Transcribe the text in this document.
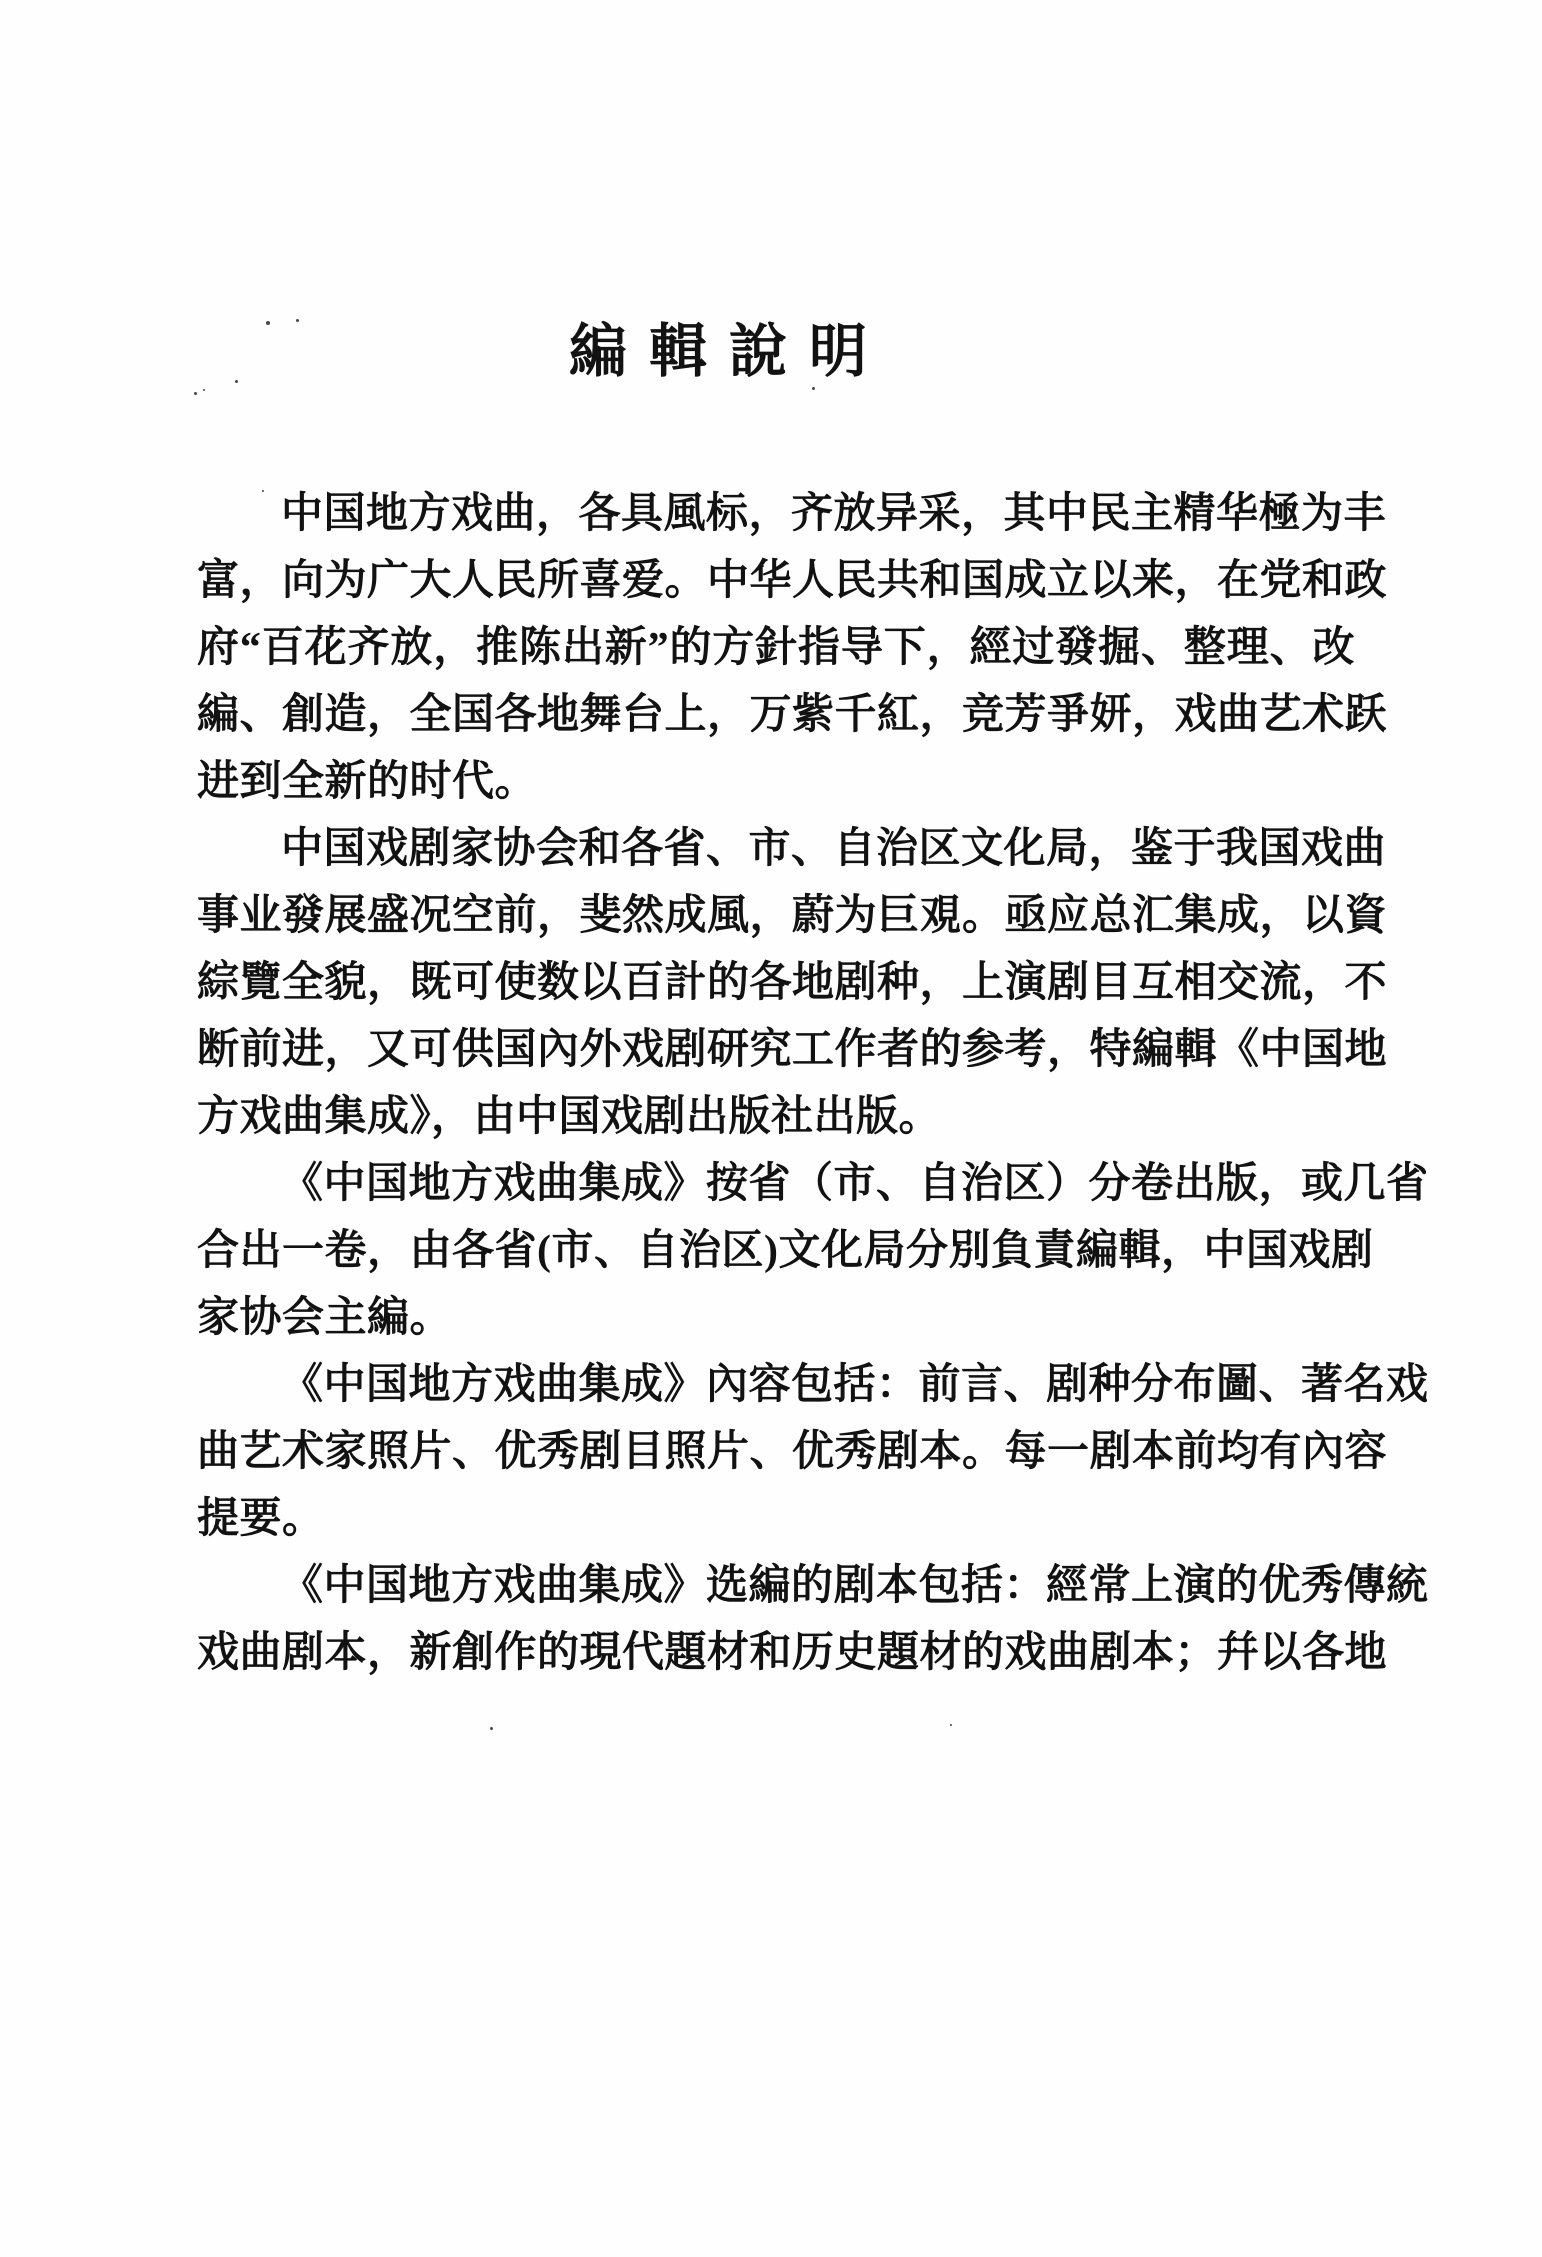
編輯說明
中国地方戏曲，各具風标，齐放异采，其中民主精华極为丰
富，向为广大人民所喜爱。中华人民共和国成立以来，在党和政
府“百花齐放，推陈出新”的方針指导下，經过發掘、整理、改
編、創造，全国各地舞台上，万紫千紅，竞芳爭妍，戏曲艺术跃
进到全新的时代。
中国戏剧家协会和各省、市、自治区文化局，鉴于我国戏曲
事业發展盛况空前，斐然成風，蔚为巨覌。亟应总汇集成，以資
綜覽全貌，既可使数以百計的各地剧种，上演剧目互相交流，不
断前进，又可供国內外戏剧研究工作者的参考，特編輯《中国地
方戏曲集成》，由中国戏剧出版社出版。
《中国地方戏曲集成》按省（市、自治区）分卷出版，或几省
合出一卷，由各省(市、自治区)文化局分別負責編輯，中国戏剧
家协会主編。
《中国地方戏曲集成》內容包括：前言、剧种分布圖、著名戏
曲艺术家照片、优秀剧目照片、优秀剧本。每一剧本前均有內容
提要。
《中国地方戏曲集成》选編的剧本包括：經常上演的优秀傳統
戏曲剧本，新創作的現代題材和历史題材的戏曲剧本；幷以各地
